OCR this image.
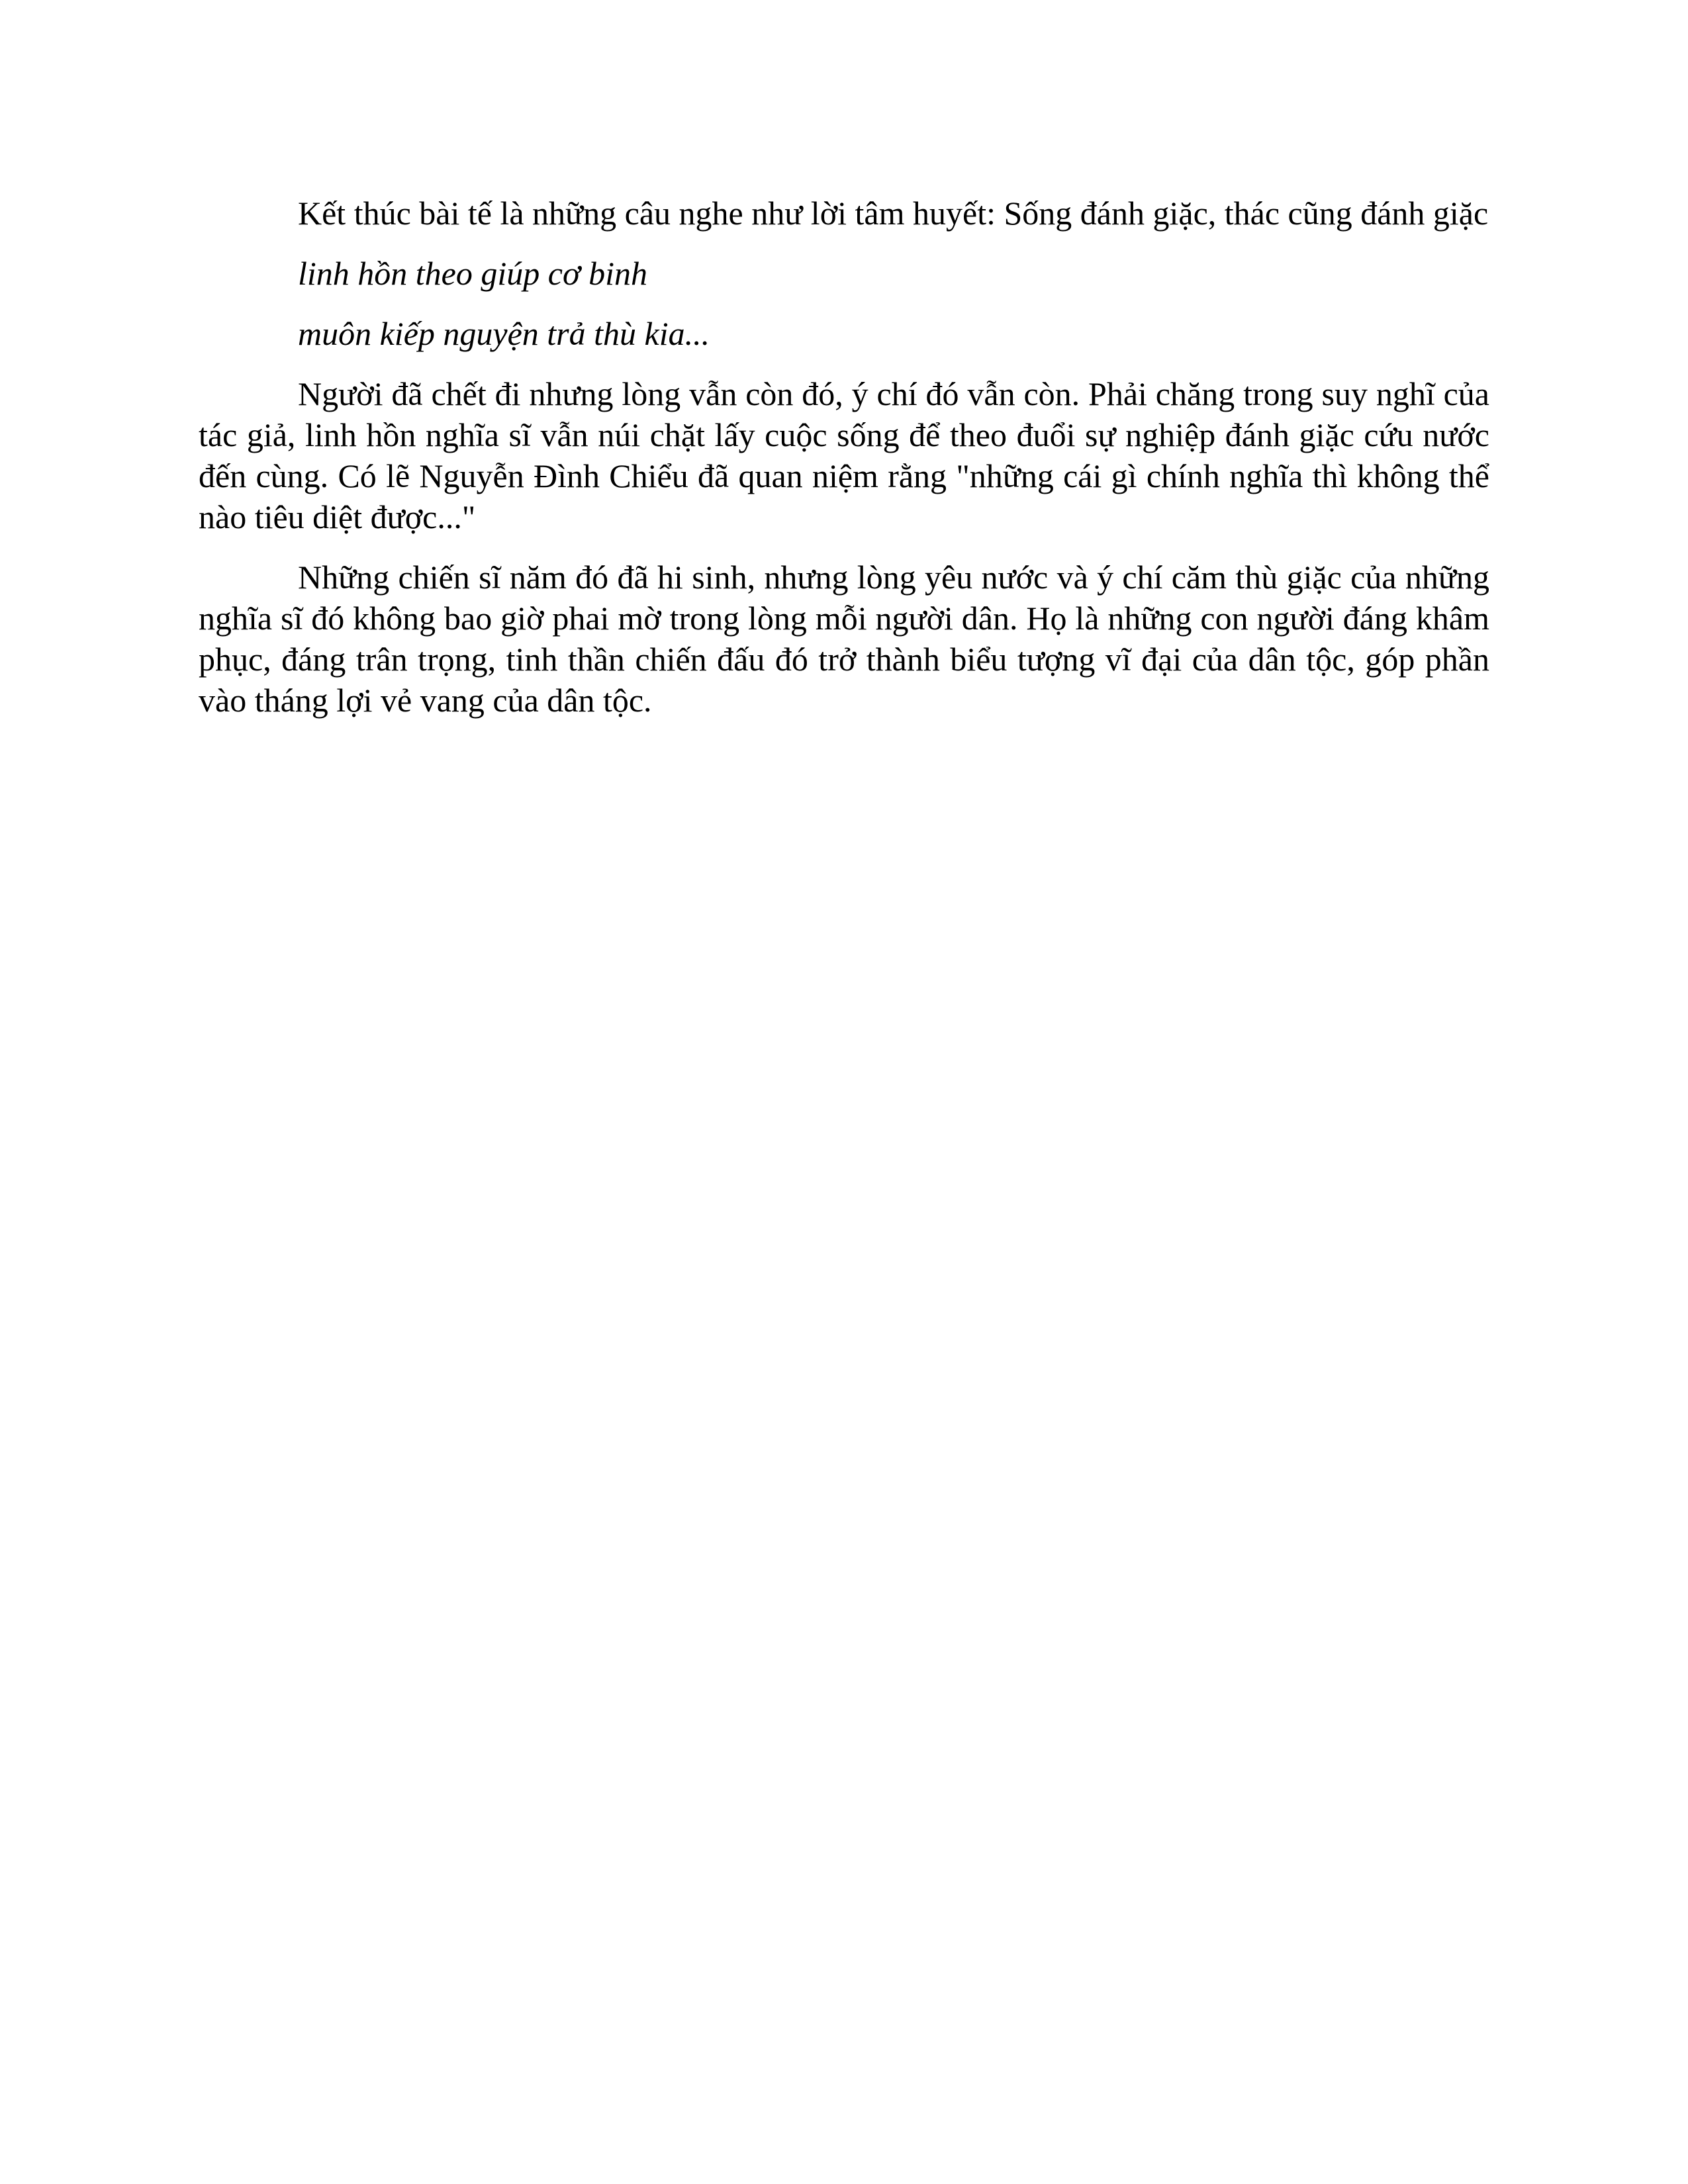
Kết thúc bài tế là những câu nghe như lời tâm huyết: Sống đánh giặc, thác cũng đánh giặc

linh hồn theo giúp cơ binh

muôn kiếp nguyện trả thù kia...

Người đã chết đi nhưng lòng vẫn còn đó, ý chí đó vẫn còn. Phải chăng trong suy nghĩ của tác giả, linh hồn nghĩa sĩ vẫn núi chặt lấy cuộc sống để theo đuổi sự nghiệp đánh giặc cứu nước đến cùng. Có lẽ Nguyễn Đình Chiểu đã quan niệm rằng "những cái gì chính nghĩa thì không thể nào tiêu diệt được..."

Những chiến sĩ năm đó đã hi sinh, nhưng lòng yêu nước và ý chí căm thù giặc của những nghĩa sĩ đó không bao giờ phai mờ trong lòng mỗi người dân. Họ là những con người đáng khâm phục, đáng trân trọng, tinh thần chiến đấu đó trở thành biểu tượng vĩ đại của dân tộc, góp phần vào tháng lợi vẻ vang của dân tộc.
